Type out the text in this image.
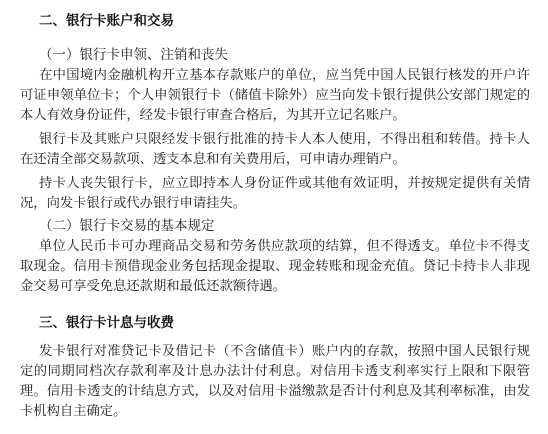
二、银行卡账户和交易
（一）银行卡申领、注销和丧失

在中国境内金融机构开立基本存款账户的单位，应当凭中国人民银行核发的开户许可证申领单位卡；个人申领银行卡（储值卡除外）应当向发卡银行提供公安部门规定的本人有效身份证件，经发卡银行审查合格后，为其开立记名账户。

银行卡及其账户只限经发卡银行批准的持卡人本人使用，不得出租和转借。持卡人在还清全部交易款项、透支本息和有关费用后，可申请办理销户。

持卡人丧失银行卡，应立即持本人身份证件或其他有效证明，并按规定提供有关情况，向发卡银行或代办银行申请挂失。

（二）银行卡交易的基本规定

单位人民币卡可办理商品交易和劳务供应款项的结算，但不得透支。单位卡不得支取现金。信用卡预借现金业务包括现金提取、现金转账和现金充值。贷记卡持卡人非现金交易可享受免息还款期和最低还款额待遇。

三、银行卡计息与收费

发卡银行对准贷记卡及借记卡（不含储值卡）账户内的存款，按照中国人民银行规定的同期同档次存款利率及计息办法计付利息。对信用卡透支利率实行上限和下限管理。信用卡透支的计结息方式，以及对信用卡溢缴款是否计付利息及其利率标准，由发卡机构自主确定。
